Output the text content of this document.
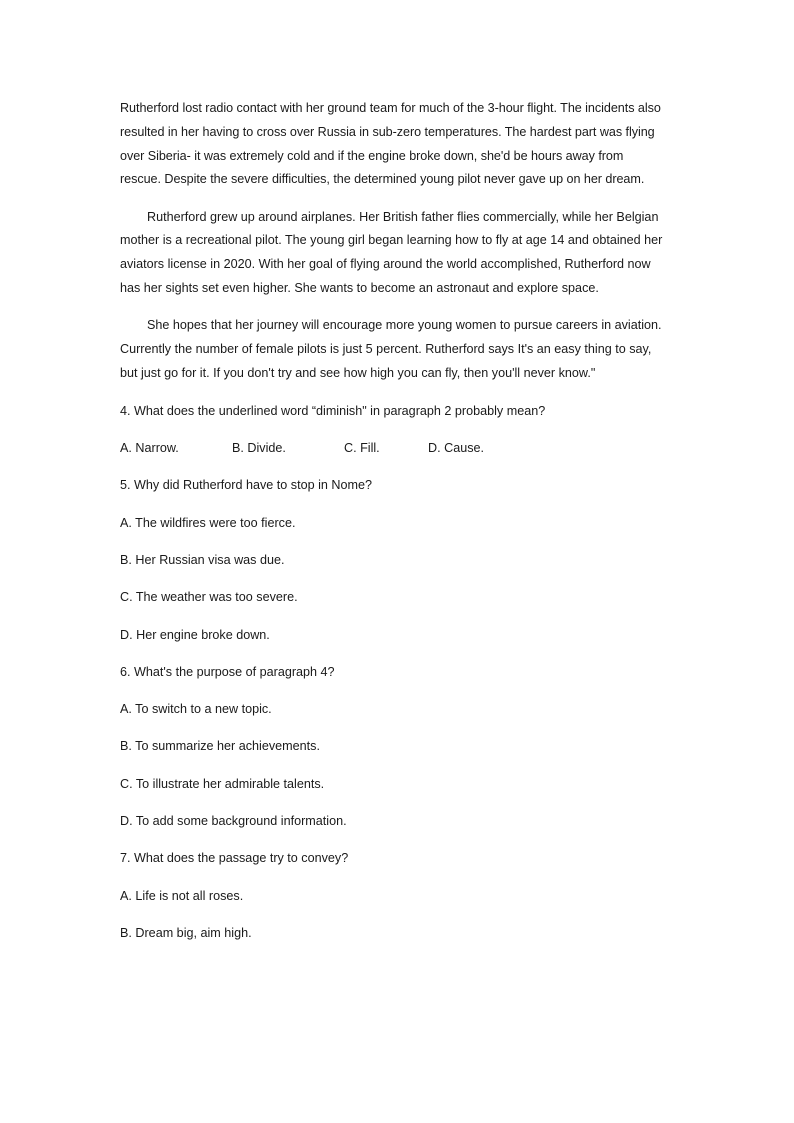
Rutherford lost radio contact with her ground team for much of the 3-hour flight. The incidents also resulted in her having to cross over Russia in sub-zero temperatures. The hardest part was flying over Siberia- it was extremely cold and if the engine broke down, she'd be hours away from rescue. Despite the severe difficulties, the determined young pilot never gave up on her dream.

Rutherford grew up around airplanes. Her British father flies commercially, while her Belgian mother is a recreational pilot. The young girl began learning how to fly at age 14 and obtained her aviators license in 2020. With her goal of flying around the world accomplished, Rutherford now has her sights set even higher. She wants to become an astronaut and explore space.

She hopes that her journey will encourage more young women to pursue careers in aviation. Currently the number of female pilots is just 5 percent. Rutherford says It's an easy thing to say, but just go for it. If you don't try and see how high you can fly, then you'll never know."

4. What does the underlined word “diminish" in paragraph 2 probably mean?
A. Narrow.	B. Divide.	C. Fill.	D. Cause.
5. Why did Rutherford have to stop in Nome?
A. The wildfires were too fierce.
B. Her Russian visa was due.
C. The weather was too severe.
D. Her engine broke down.
6. What's the purpose of paragraph 4?
A. To switch to a new topic.
B. To summarize her achievements.
C. To illustrate her admirable talents.
D. To add some background information.
7. What does the passage try to convey?
A. Life is not all roses.
B. Dream big, aim high.
